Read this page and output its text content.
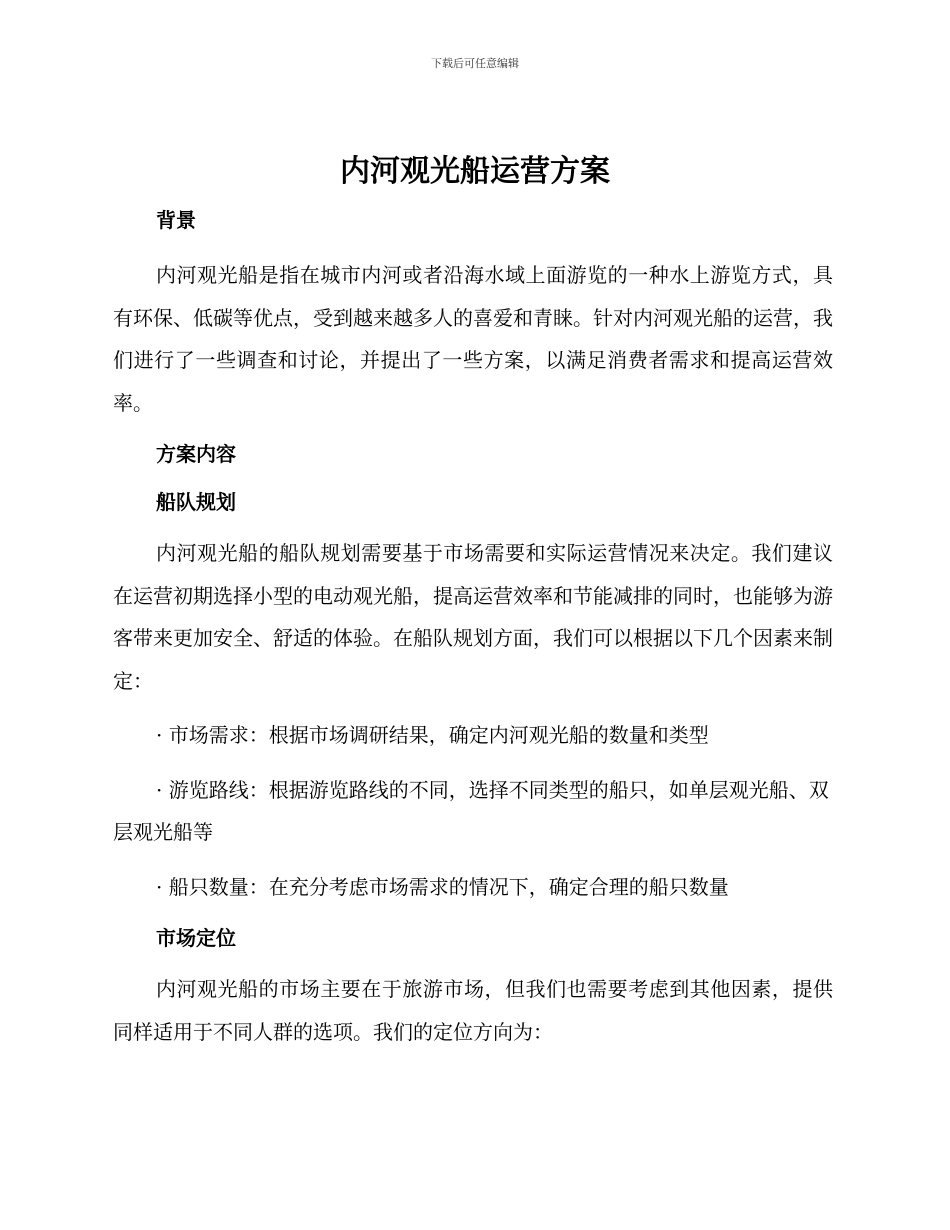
下载后可任意编辑
内河观光船运营方案
背景

内河观光船是指在城市内河或者沿海水域上面游览的一种水上游览方式，具有环保、低碳等优点，受到越来越多人的喜爱和青睐。针对内河观光船的运营，我们进行了一些调查和讨论，并提出了一些方案，以满足消费者需求和提高运营效率。

方案内容
船队规划

内河观光船的船队规划需要基于市场需要和实际运营情况来决定。我们建议在运营初期选择小型的电动观光船，提高运营效率和节能减排的同时，也能够为游客带来更加安全、舒适的体验。在船队规划方面，我们可以根据以下几个因素来制定：

· 市场需求：根据市场调研结果，确定内河观光船的数量和类型

· 游览路线：根据游览路线的不同，选择不同类型的船只，如单层观光船、双层观光船等

· 船只数量：在充分考虑市场需求的情况下，确定合理的船只数量

市场定位

内河观光船的市场主要在于旅游市场，但我们也需要考虑到其他因素，提供同样适用于不同人群的选项。我们的定位方向为：
